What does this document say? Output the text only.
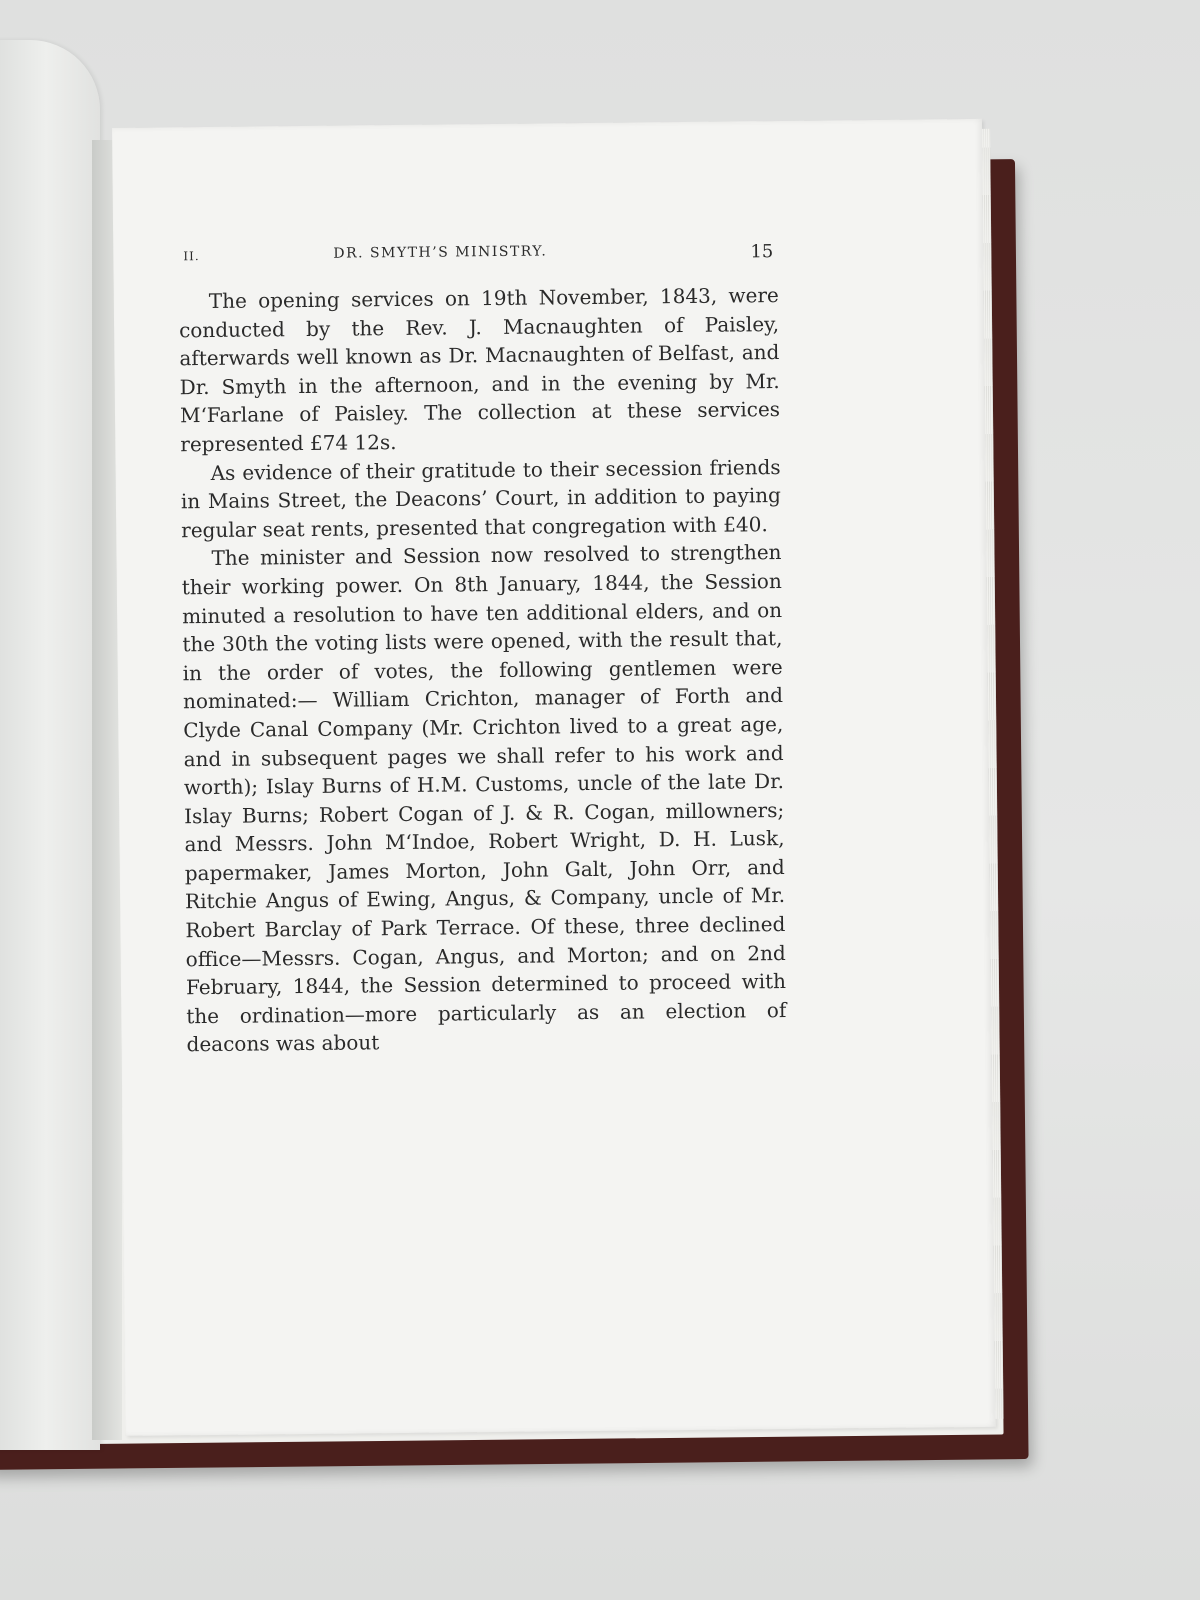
II.	DR. SMYTH’S MINISTRY.	15

The opening services on 19th November, 1843, were conducted by the Rev. J. Macnaughten of Paisley, afterwards well known as Dr. Macnaughten of Belfast, and Dr. Smyth in the afternoon, and in the evening by Mr. M‘Farlane of Paisley. The collection at these services represented £74 12s.

As evidence of their gratitude to their secession friends in Mains Street, the Deacons’ Court, in addition to paying regular seat rents, presented that congregation with £40.

The minister and Session now resolved to strengthen their working power. On 8th January, 1844, the Session minuted a resolution to have ten additional elders, and on the 30th the voting lists were opened, with the result that, in the order of votes, the following gentlemen were nominated:— William Crichton, manager of Forth and Clyde Canal Company (Mr. Crichton lived to a great age, and in subsequent pages we shall refer to his work and worth); Islay Burns of H.M. Customs, uncle of the late Dr. Islay Burns; Robert Cogan of J. & R. Cogan, millowners; and Messrs. John M‘Indoe, Robert Wright, D. H. Lusk, papermaker, James Morton, John Galt, John Orr, and Ritchie Angus of Ewing, Angus, & Company, uncle of Mr. Robert Barclay of Park Terrace. Of these, three declined office—Messrs. Cogan, Angus, and Morton; and on 2nd February, 1844, the Session determined to proceed with the ordination—more particularly as an election of deacons was about
